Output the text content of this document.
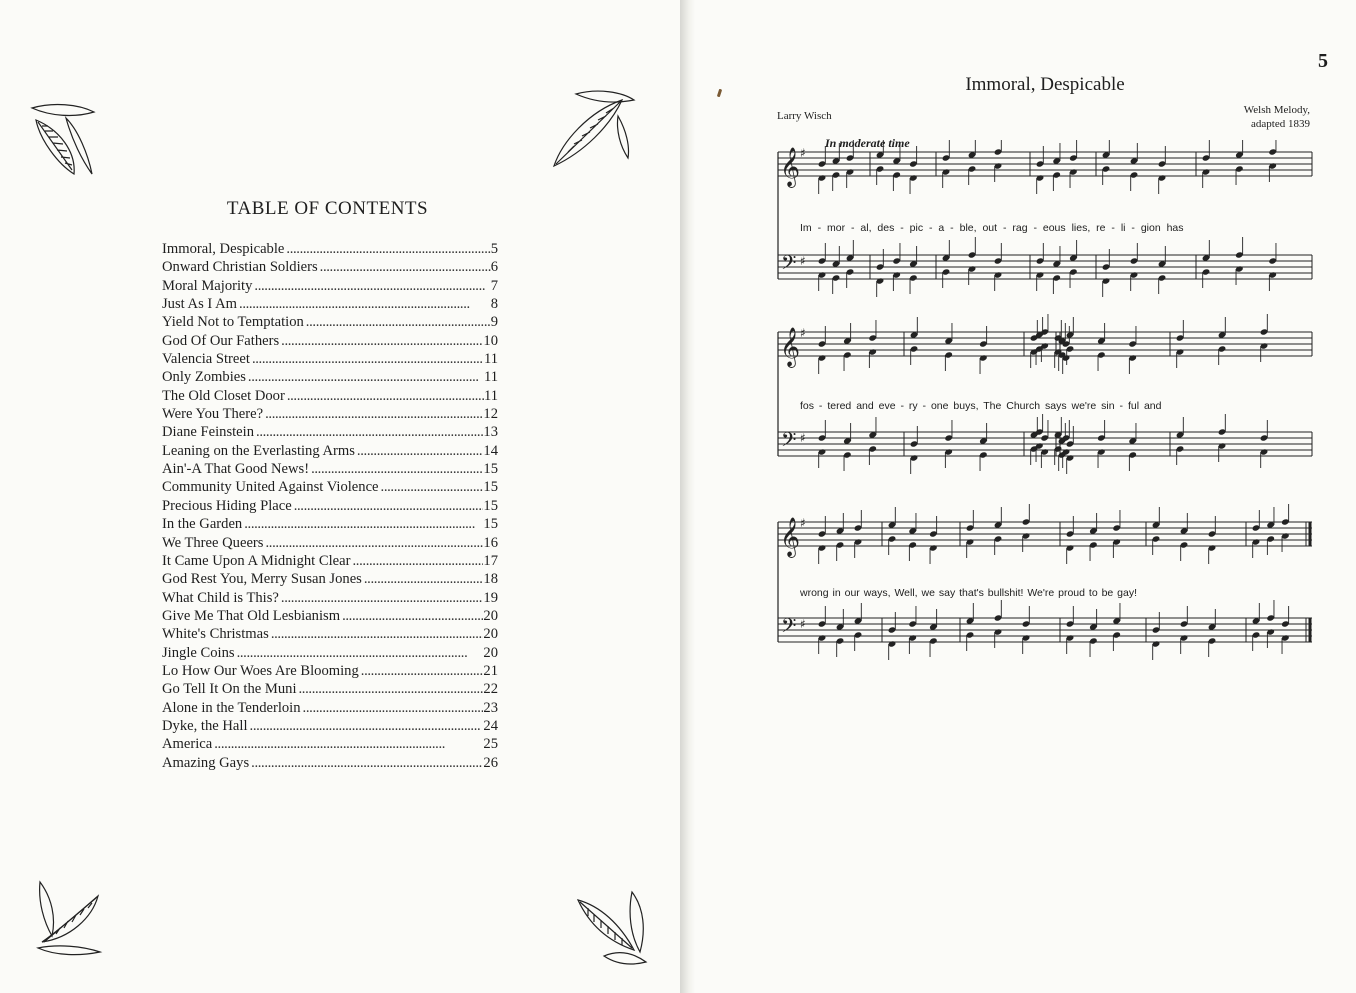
TABLE OF CONTENTS
Immoral, Despicable . . .	5
Onward Christian Soldiers . . .	6
Moral Majority . . .	7
Just As I Am . . .	8
Yield Not to Temptation . . .	9
God Of Our Fathers . . .	10
Valencia Street . . .	11
Only Zombies . . .	11
The Old Closet Door . . .	11
Were You There? . . .	12
Diane Feinstein . . .	13
Leaning on the Everlasting Arms . . .	14
Ain'-A That Good News! . . .	15
Community United Against Violence . . .	15
Precious Hiding Place . . .	15
In the Garden . . .	15
We Three Queers . . .	16
It Came Upon A Midnight Clear . . .	17
God Rest You, Merry Susan Jones . . .	18
What Child is This? . . .	19
Give Me That Old Lesbianism . . .	20
White's Christmas . . .	20
Jingle Coins . . .	20
Lo How Our Woes Are Blooming . . .	21
Go Tell It On the Muni . . .	22
Alone in the Tenderloin . . .	23
Dyke, the Hall . . .	24
America . . .	25
Amazing Gays . . .	26
5
Immoral, Despicable
Larry Wisch	Welsh Melody,
adapted 1839
In moderate time
𝄞 ♯
𝄢 ♯
𝄞 ♯
𝄢 ♯
𝄞 ♯
𝄢 ♯

Im - mor - al, des - pic - a - ble, out - rag - eous lies, re - li - gion has

fos - tered and eve - ry - one buys, The Church says we're sin - ful and

wrong in our ways, Well, we say that's bullshit! We're proud to be gay!
